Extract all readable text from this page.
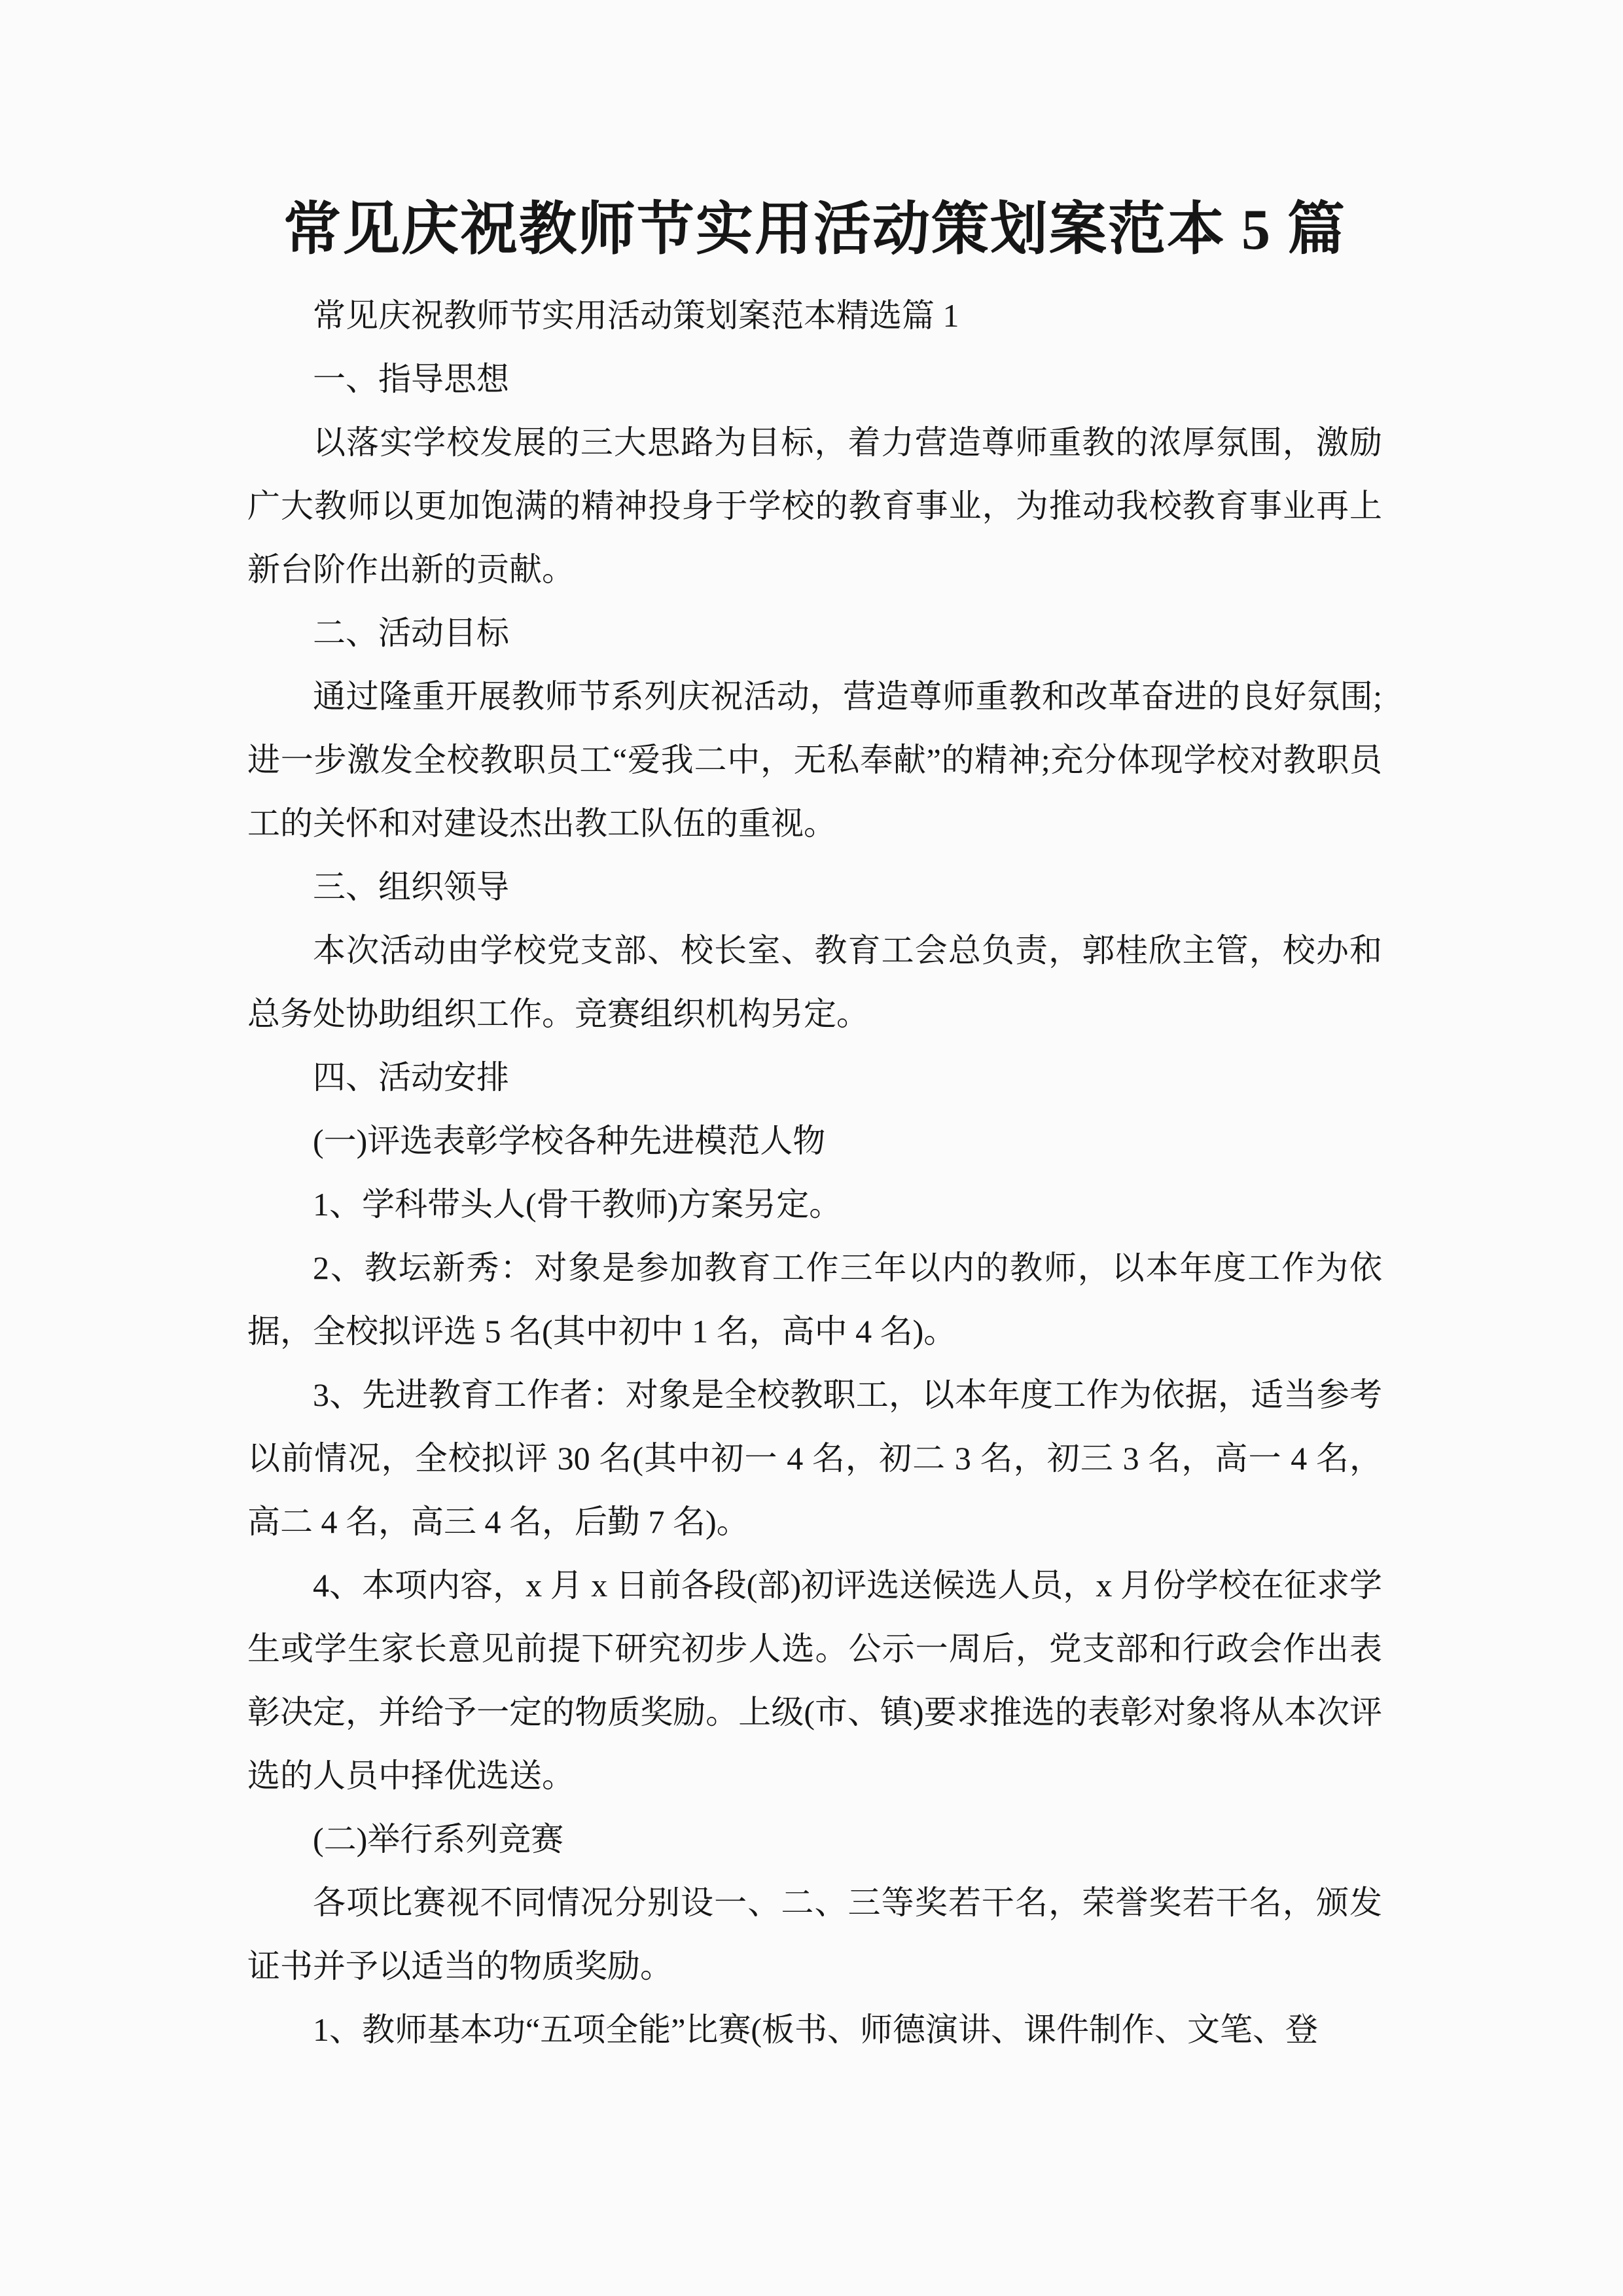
常见庆祝教师节实用活动策划案范本 5 篇

常见庆祝教师节实用活动策划案范本精选篇 1

一、指导思想

以落实学校发展的三大思路为目标，着力营造尊师重教的浓厚氛围，激励广大教师以更加饱满的精神投身于学校的教育事业，为推动我校教育事业再上新台阶作出新的贡献。

二、活动目标

通过隆重开展教师节系列庆祝活动，营造尊师重教和改革奋进的良好氛围;进一步激发全校教职员工“爱我二中，无私奉献”的精神;充分体现学校对教职员工的关怀和对建设杰出教工队伍的重视。

三、组织领导

本次活动由学校党支部、校长室、教育工会总负责，郭桂欣主管，校办和总务处协助组织工作。竞赛组织机构另定。

四、活动安排

(一)评选表彰学校各种先进模范人物

1、学科带头人(骨干教师)方案另定。

2、教坛新秀：对象是参加教育工作三年以内的教师，以本年度工作为依据，全校拟评选 5 名(其中初中 1 名，高中 4 名)。

3、先进教育工作者：对象是全校教职工，以本年度工作为依据，适当参考以前情况，全校拟评 30 名(其中初一 4 名，初二 3 名，初三 3 名，高一 4 名，高二 4 名，高三 4 名，后勤 7 名)。

4、本项内容，x 月 x 日前各段(部)初评选送候选人员，x 月份学校在征求学生或学生家长意见前提下研究初步人选。公示一周后，党支部和行政会作出表彰决定，并给予一定的物质奖励。上级(市、镇)要求推选的表彰对象将从本次评选的人员中择优选送。

(二)举行系列竞赛

各项比赛视不同情况分别设一、二、三等奖若干名，荣誉奖若干名，颁发证书并予以适当的物质奖励。

1、教师基本功“五项全能”比赛(板书、师德演讲、课件制作、文笔、登
